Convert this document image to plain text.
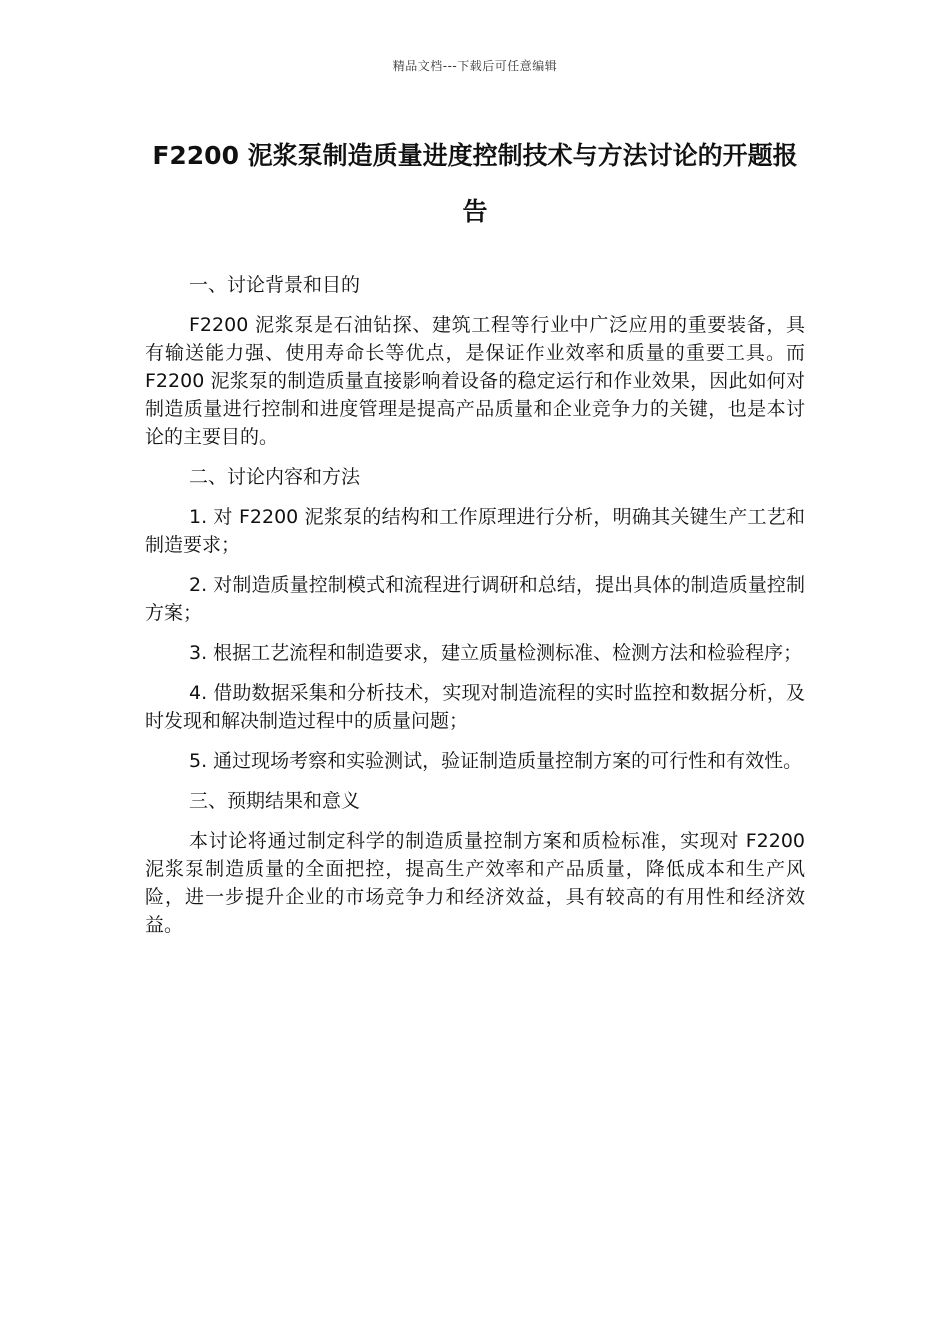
精品文档---下载后可任意编辑
F2200 泥浆泵制造质量进度控制技术与方法讨论的开题报告

一、讨论背景和目的

F2200 泥浆泵是石油钻探、建筑工程等行业中广泛应用的重要装备，具有输送能力强、使用寿命长等优点，是保证作业效率和质量的重要工具。而 F2200 泥浆泵的制造质量直接影响着设备的稳定运行和作业效果，因此如何对制造质量进行控制和进度管理是提高产品质量和企业竞争力的关键，也是本讨论的主要目的。

二、讨论内容和方法

1. 对 F2200 泥浆泵的结构和工作原理进行分析，明确其关键生产工艺和制造要求；

2. 对制造质量控制模式和流程进行调研和总结，提出具体的制造质量控制方案；

3. 根据工艺流程和制造要求，建立质量检测标准、检测方法和检验程序；

4. 借助数据采集和分析技术，实现对制造流程的实时监控和数据分析，及时发现和解决制造过程中的质量问题；

5. 通过现场考察和实验测试，验证制造质量控制方案的可行性和有效性。

三、预期结果和意义

本讨论将通过制定科学的制造质量控制方案和质检标准，实现对 F2200 泥浆泵制造质量的全面把控，提高生产效率和产品质量，降低成本和生产风险，进一步提升企业的市场竞争力和经济效益，具有较高的有用性和经济效益。
